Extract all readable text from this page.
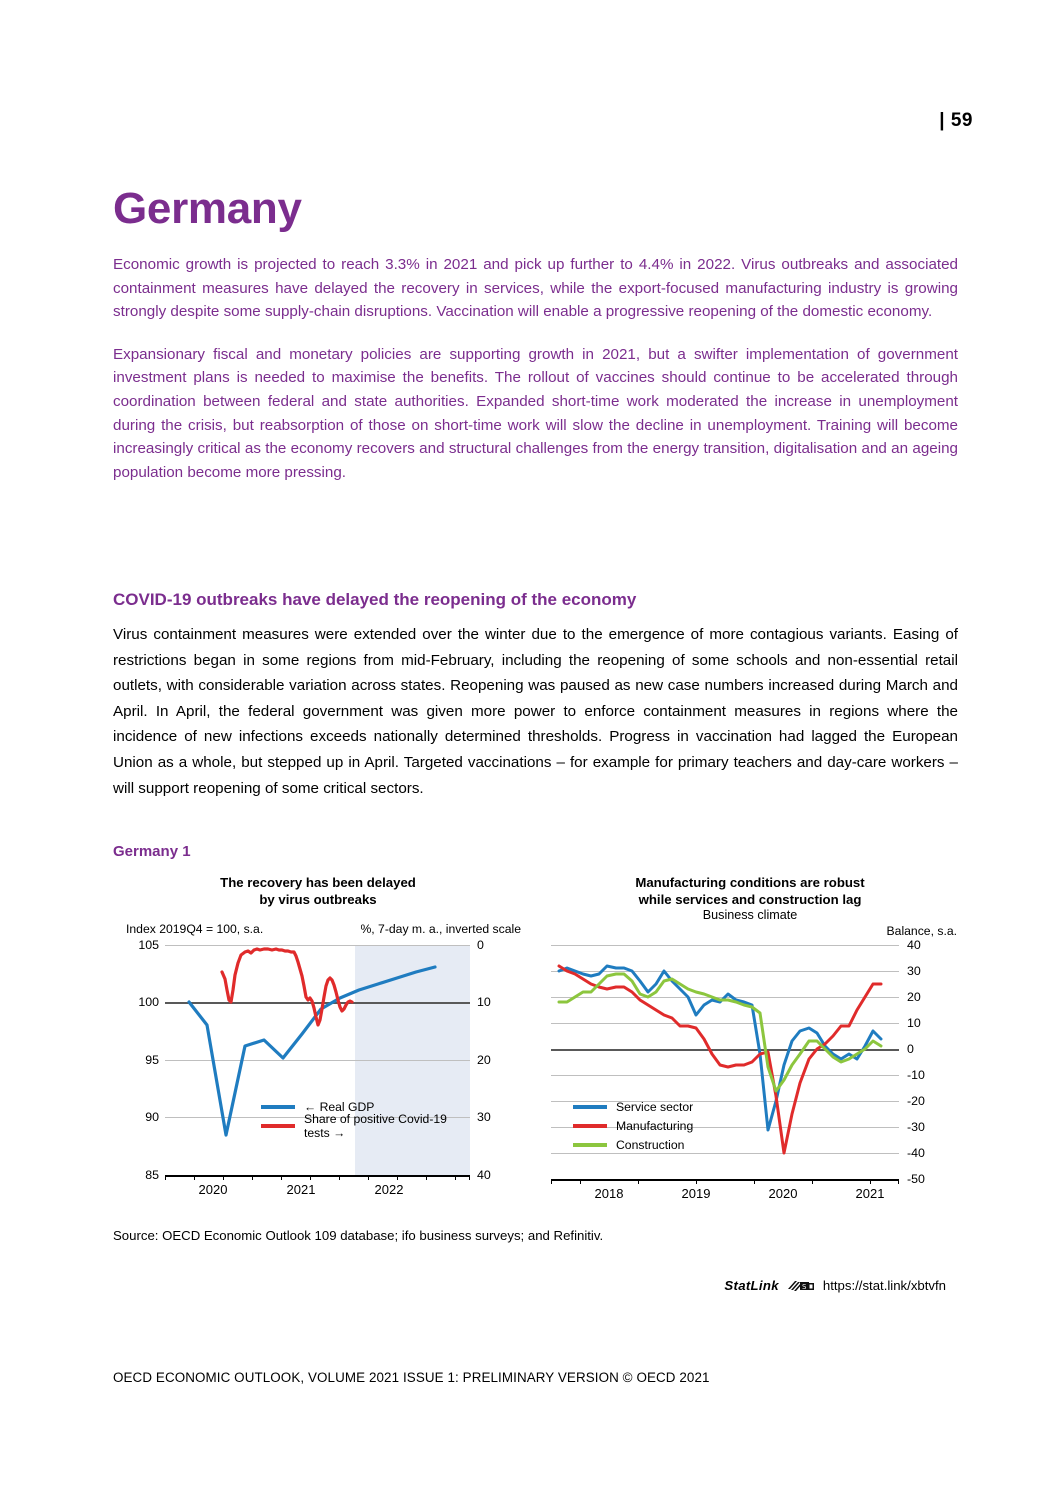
| 59
Germany

Economic growth is projected to reach 3.3% in 2021 and pick up further to 4.4% in 2022. Virus outbreaks and associated containment measures have delayed the recovery in services, while the export-focused manufacturing industry is growing strongly despite some supply-chain disruptions. Vaccination will enable a progressive reopening of the domestic economy.

Expansionary fiscal and monetary policies are supporting growth in 2021, but a swifter implementation of government investment plans is needed to maximise the benefits. The rollout of vaccines should continue to be accelerated through coordination between federal and state authorities. Expanded short-time work moderated the increase in unemployment during the crisis, but reabsorption of those on short-time work will slow the decline in unemployment. Training will become increasingly critical as the economy recovers and structural challenges from the energy transition, digitalisation and an ageing population become more pressing.

COVID-19 outbreaks have delayed the reopening of the economy

Virus containment measures were extended over the winter due to the emergence of more contagious variants. Easing of restrictions began in some regions from mid-February, including the reopening of some schools and non-essential retail outlets, with considerable variation across states. Reopening was paused as new case numbers increased during March and April. In April, the federal government was given more power to enforce containment measures in regions where the incidence of new infections exceeds nationally determined thresholds. Progress in vaccination had lagged the European Union as a whole, but stepped up in April. Targeted vaccinations – for example for primary teachers and day-care workers – will support reopening of some critical sectors.

Germany 1
The recovery has been delayed
by virus outbreaks
Index 2019Q4 = 100, s.a.	%, 7-day m. a., inverted scale
← Real GDP
Share of positive Covid-19 tests →
105
100
95
90
85
0
10
20
30
40
2020	2021	2022
Manufacturing conditions are robust
while services and construction lag
Business climate
Balance, s.a.
Service sector
Manufacturing
Construction
40
30
20
10
0
-10
-20
-30
-40
-50
2018	2019	2020	2021
Source: OECD Economic Outlook 109 database; ifo business surveys; and Refinitiv.
StatLink	S https://stat.link/xbtvfn
OECD ECONOMIC OUTLOOK, VOLUME 2021 ISSUE 1: PRELIMINARY VERSION © OECD 2021
